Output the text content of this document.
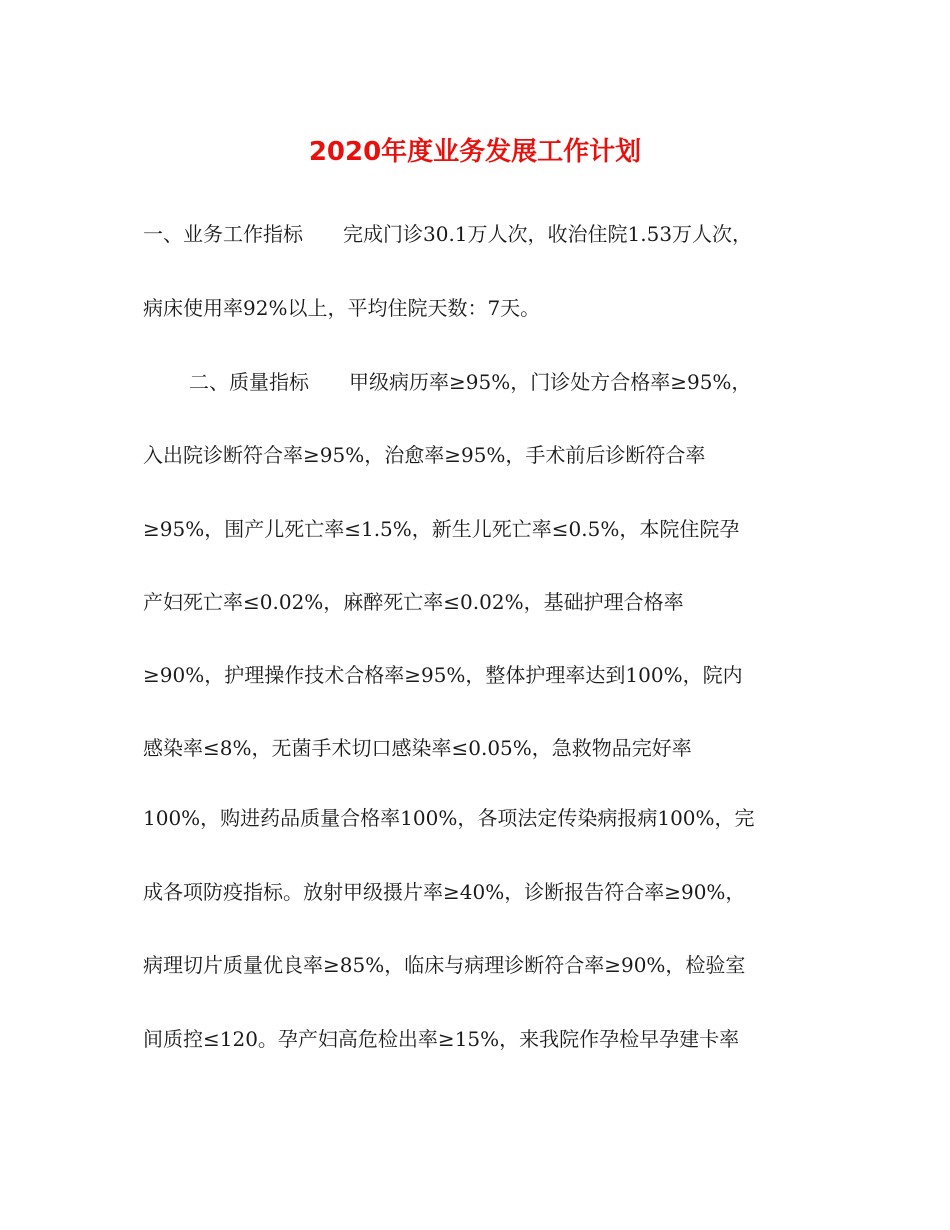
2020年度业务发展工作计划
一、业务工作指标　　完成门诊30.1万人次，收治住院1.53万人次，
病床使用率92%以上，平均住院天数：7天。
二、质量指标　　甲级病历率≥95%，门诊处方合格率≥95%，
入出院诊断符合率≥95%，治愈率≥95%，手术前后诊断符合率
≥95%，围产儿死亡率≤1.5%，新生儿死亡率≤0.5%，本院住院孕
产妇死亡率≤0.02%，麻醉死亡率≤0.02%，基础护理合格率
≥90%，护理操作技术合格率≥95%，整体护理率达到100%，院内
感染率≤8%，无菌手术切口感染率≤0.05%，急救物品完好率
100%，购进药品质量合格率100%，各项法定传染病报病100%，完
成各项防疫指标。放射甲级摄片率≥40%，诊断报告符合率≥90%，
病理切片质量优良率≥85%，临床与病理诊断符合率≥90%，检验室
间质控≤120。孕产妇高危检出率≥15%，来我院作孕检早孕建卡率
